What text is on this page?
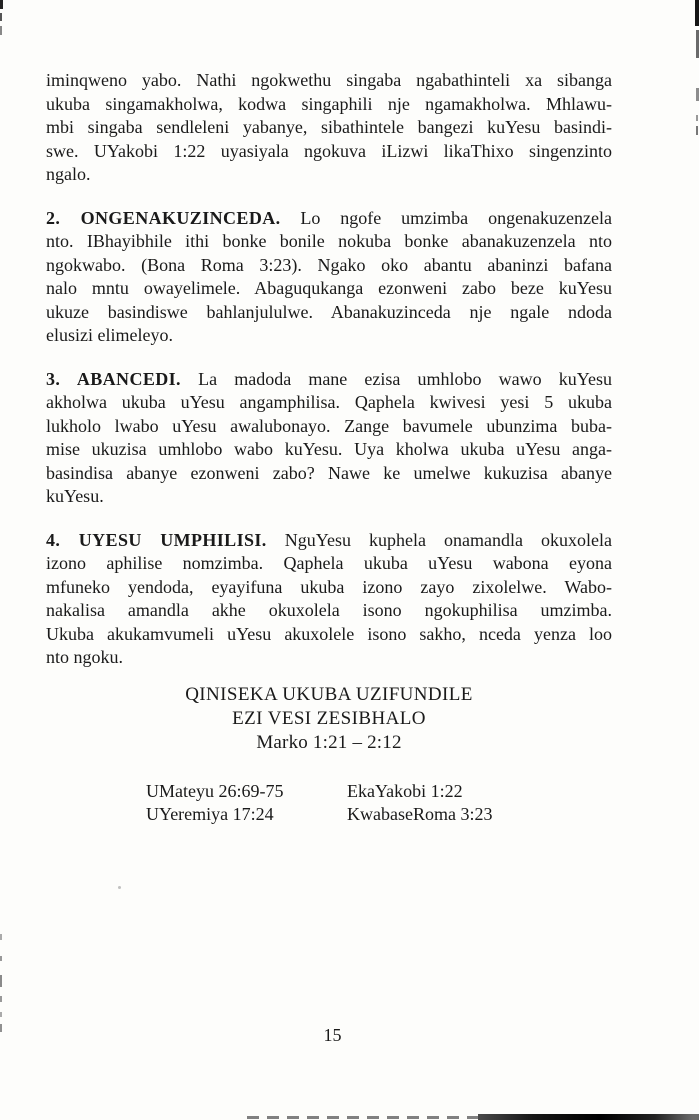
iminqweno yabo. Nathi ngokwethu singaba ngabathinteli xa sibanga
ukuba singamakholwa, kodwa singaphili nje ngamakholwa. Mhlawu-
mbi singaba sendleleni yabanye, sibathintele bangezi kuYesu basindi-
swe. UYakobi 1:22 uyasiyala ngokuva iLizwi likaThixo singenzinto
ngalo.
2. ONGENAKUZINCEDA. Lo ngofe umzimba ongenakuzenzela
nto. IBhayibhile ithi bonke bonile nokuba bonke abanakuzenzela nto
ngokwabo. (Bona Roma 3:23). Ngako oko abantu abaninzi bafana
nalo mntu owayelimele. Abaguqukanga ezonweni zabo beze kuYesu
ukuze basindiswe bahlanjululwe. Abanakuzinceda nje ngale ndoda
elusizi elimeleyo.
3. ABANCEDI. La madoda mane ezisa umhlobo wawo kuYesu
akholwa ukuba uYesu angamphilisa. Qaphela kwivesi yesi 5 ukuba
lukholo lwabo uYesu awalubonayo. Zange bavumele ubunzima buba-
mise ukuzisa umhlobo wabo kuYesu. Uya kholwa ukuba uYesu anga-
basindisa abanye ezonweni zabo? Nawe ke umelwe kukuzisa abanye
kuYesu.
4. UYESU UMPHILISI. NguYesu kuphela onamandla okuxolela
izono aphilise nomzimba. Qaphela ukuba uYesu wabona eyona
mfuneko yendoda, eyayifuna ukuba izono zayo zixolelwe. Wabo-
nakalisa amandla akhe okuxolela isono ngokuphilisa umzimba.
Ukuba akukamvumeli uYesu akuxolele isono sakho, nceda yenza loo
nto ngoku.
QINISEKA UKUBA UZIFUNDILE
EZI VESI ZESIBHALO
Marko 1:21 – 2:12
UMateyu 26:69-75
UYeremiya 17:24
EkaYakobi 1:22
KwabaseRoma 3:23
15
